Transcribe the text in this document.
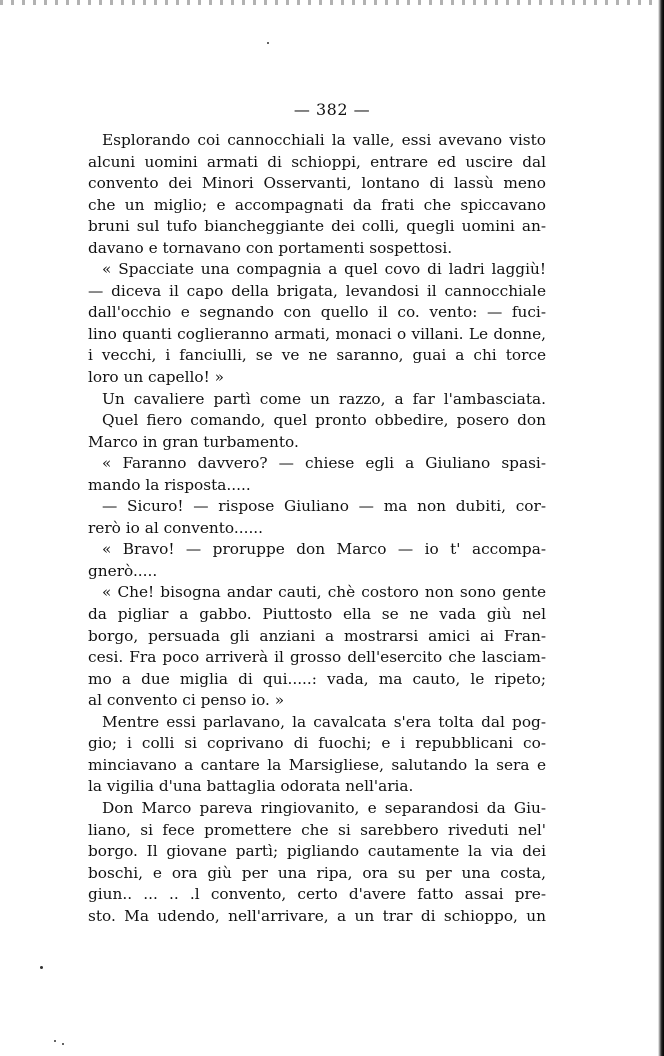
— 382 —
Esplorando coi cannocchiali la valle, essi avevano visto
alcuni uomini armati di schioppi, entrare ed uscire dal
convento dei Minori Osservanti, lontano di lassù meno
che un miglio; e accompagnati da frati che spiccavano
bruni sul tufo biancheggiante dei colli, quegli uomini an-
davano e tornavano con portamenti sospettosi.
« Spacciate una compagnia a quel covo di ladri laggiù!
— diceva il capo della brigata, levandosi il cannocchiale
dall'occhio e segnando con quello il co. vento: — fuci-
lino quanti coglieranno armati, monaci o villani. Le donne,
i vecchi, i fanciulli, se ve ne saranno, guai a chi torce
loro un capello! »
Un cavaliere partì come un razzo, a far l'ambasciata.
Quel fiero comando, quel pronto obbedire, posero don
Marco in gran turbamento.
« Faranno davvero? — chiese egli a Giuliano spasi-
mando la risposta.....
— Sicuro! — rispose Giuliano — ma non dubiti, cor-
rerò io al convento......
« Bravo! — proruppe don Marco — io t' accompa-
gnerò.....
« Che! bisogna andar cauti, chè costoro non sono gente
da pigliar a gabbo. Piuttosto ella se ne vada giù nel
borgo, persuada gli anziani a mostrarsi amici ai Fran-
cesi. Fra poco arriverà il grosso dell'esercito che lasciam-
mo a due miglia di qui.....: vada, ma cauto, le ripeto;
al convento ci penso io. »
Mentre essi parlavano, la cavalcata s'era tolta dal pog-
gio; i colli si coprivano di fuochi; e i repubblicani co-
minciavano a cantare la Marsigliese, salutando la sera e
la vigilia d'una battaglia odorata nell'aria.
Don Marco pareva ringiovanito, e separandosi da Giu-
liano, si fece promettere che si sarebbero riveduti nel'
borgo. Il giovane partì; pigliando cautamente la via dei
boschi, e ora giù per una ripa, ora su per una costa,
giun.. ... .. .l convento, certo d'avere fatto assai pre-
sto. Ma udendo, nell'arrivare, a un trar di schioppo, un
